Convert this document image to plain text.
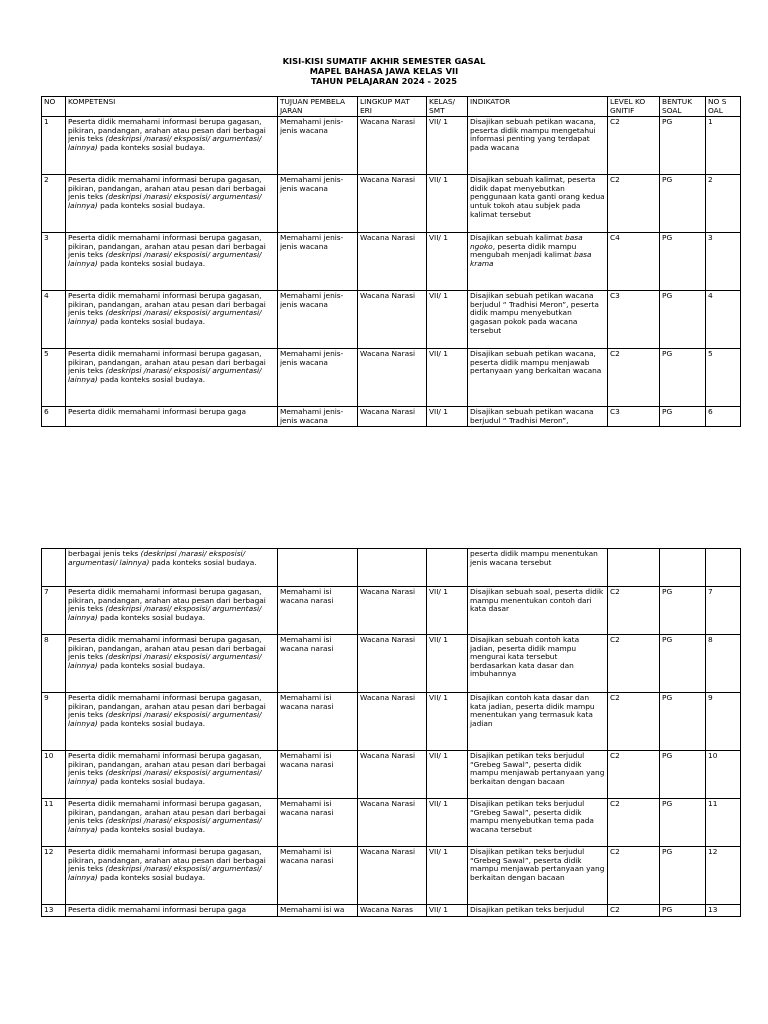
KISI-KISI SUMATIF AKHIR SEMESTER GASAL
MAPEL BAHASA JAWA KELAS VII
TAHUN PELAJARAN 2024 - 2025
NO	KOMPETENSI	TUJUAN PEMBELA JARAN	LINGKUP MAT ERI	KELAS/ SMT	INDIKATOR	LEVEL KO GNITIF	BENTUK SOAL	NO S OAL
1	Peserta didik memahami informasi berupa gagasan, pikiran, pandangan, arahan atau pesan dari berbagai jenis teks (deskripsi /narasi/ eksposisi/ argumentasi/ lainnya) pada konteks sosial budaya.	Memahami jenis-jenis wacana	Wacana Narasi	VII/ 1	Disajikan sebuah petikan wacana, peserta didik mampu mengetahui informasi penting yang terdapat pada wacana	C2	PG	1
2	Peserta didik memahami informasi berupa gagasan, pikiran, pandangan, arahan atau pesan dari berbagai jenis teks (deskripsi /narasi/ eksposisi/ argumentasi/ lainnya) pada konteks sosial budaya.	Memahami jenis-jenis wacana	Wacana Narasi	VII/ 1	Disajikan sebuah kalimat, peserta didik dapat menyebutkan penggunaan kata ganti orang kedua untuk tokoh atau subjek pada kalimat tersebut	C2	PG	2
3	Peserta didik memahami informasi berupa gagasan, pikiran, pandangan, arahan atau pesan dari berbagai jenis teks (deskripsi /narasi/ eksposisi/ argumentasi/ lainnya) pada konteks sosial budaya.	Memahami jenis-jenis wacana	Wacana Narasi	VII/ 1	Disajikan sebuah kalimat basa ngoko, peserta didik mampu mengubah menjadi kalimat basa krama	C4	PG	3
4	Peserta didik memahami informasi berupa gagasan, pikiran, pandangan, arahan atau pesan dari berbagai jenis teks (deskripsi /narasi/ eksposisi/ argumentasi/ lainnya) pada konteks sosial budaya.	Memahami jenis-jenis wacana	Wacana Narasi	VII/ 1	Disajikan sebuah petikan wacana berjudul “ Tradhisi Meron”, peserta didik mampu menyebutkan gagasan pokok pada wacana tersebut	C3	PG	4
5	Peserta didik memahami informasi berupa gagasan, pikiran, pandangan, arahan atau pesan dari berbagai jenis teks (deskripsi /narasi/ eksposisi/ argumentasi/ lainnya) pada konteks sosial budaya.	Memahami jenis-jenis wacana	Wacana Narasi	VII/ 1	Disajikan sebuah petikan wacana, peserta didik mampu menjawab pertanyaan yang berkaitan wacana	C2	PG	5
6	Peserta didik memahami informasi berupa gaga	Memahami jenis-jenis wacana	Wacana Narasi	VII/ 1	Disajikan sebuah petikan wacana berjudul “ Tradhisi Meron”,	C3	PG	6
	berbagai jenis teks (deskripsi /narasi/ eksposisi/ argumentasi/ lainnya) pada konteks sosial budaya.				peserta didik mampu menentukan jenis wacana tersebut			
7	Peserta didik memahami informasi berupa gagasan, pikiran, pandangan, arahan atau pesan dari berbagai jenis teks (deskripsi /narasi/ eksposisi/ argumentasi/ lainnya) pada konteks sosial budaya.	Memahami isi wacana narasi	Wacana Narasi	VII/ 1	Disajikan sebuah soal, peserta didik mampu menentukan contoh dari kata dasar	C2	PG	7
8	Peserta didik memahami informasi berupa gagasan, pikiran, pandangan, arahan atau pesan dari berbagai jenis teks (deskripsi /narasi/ eksposisi/ argumentasi/ lainnya) pada konteks sosial budaya.	Memahami isi wacana narasi	Wacana Narasi	VII/ 1	Disajikan sebuah contoh kata jadian, peserta didik mampu mengurai kata tersebut berdasarkan kata dasar dan imbuhannya	C2	PG	8
9	Peserta didik memahami informasi berupa gagasan, pikiran, pandangan, arahan atau pesan dari berbagai jenis teks (deskripsi /narasi/ eksposisi/ argumentasi/ lainnya) pada konteks sosial budaya.	Memahami isi wacana narasi	Wacana Narasi	VII/ 1	Disajikan contoh kata dasar dan kata jadian, peserta didik mampu menentukan yang termasuk kata jadian	C2	PG	9
10	Peserta didik memahami informasi berupa gagasan, pikiran, pandangan, arahan atau pesan dari berbagai jenis teks (deskripsi /narasi/ eksposisi/ argumentasi/ lainnya) pada konteks sosial budaya.	Memahami isi wacana narasi	Wacana Narasi	VII/ 1	Disajikan petikan teks berjudul “Grebeg Sawal”, peserta didik mampu menjawab pertanyaan yang berkaitan dengan bacaan	C2	PG	10
11	Peserta didik memahami informasi berupa gagasan, pikiran, pandangan, arahan atau pesan dari berbagai jenis teks (deskripsi /narasi/ eksposisi/ argumentasi/ lainnya) pada konteks sosial budaya.	Memahami isi wacana narasi	Wacana Narasi	VII/ 1	Disajikan petikan teks berjudul “Grebeg Sawal”, peserta didik mampu menyebutkan tema pada wacana tersebut	C2	PG	11
12	Peserta didik memahami informasi berupa gagasan, pikiran, pandangan, arahan atau pesan dari berbagai jenis teks (deskripsi /narasi/ eksposisi/ argumentasi/ lainnya) pada konteks sosial budaya.	Memahami isi wacana narasi	Wacana Narasi	VII/ 1	Disajikan petikan teks berjudul “Grebeg Sawal”, peserta didik mampu menjawab pertanyaan yang berkaitan dengan bacaan	C2	PG	12
13	Peserta didik memahami informasi berupa gaga	Memahami isi wa	Wacana Naras	VII/ 1	Disajikan petikan teks berjudul	C2	PG	13
